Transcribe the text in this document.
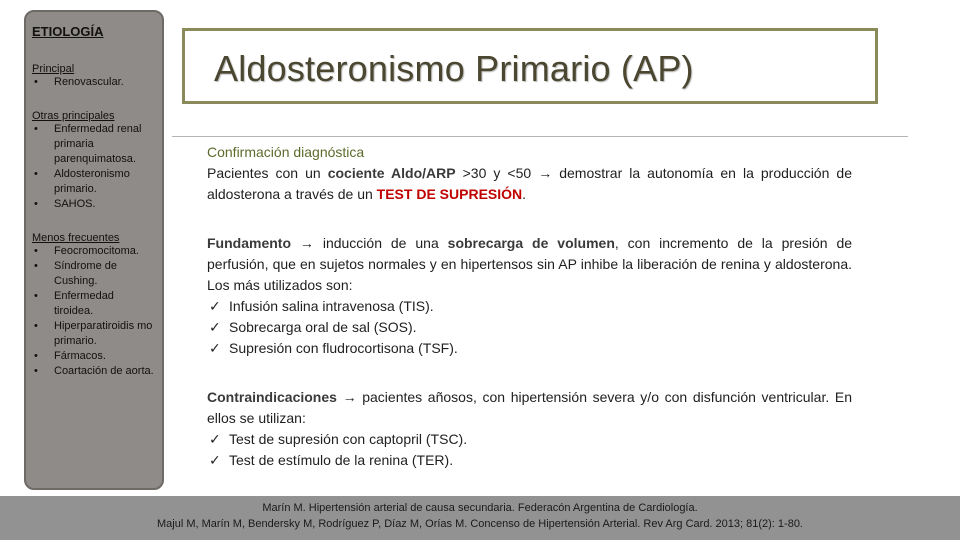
ETIOLOGÍA
Principal
• Renovascular.
Otras principales
• Enfermedad renal primaria parenquimatosa.
• Aldosteronismo primario.
• SAHOS.
Menos frecuentes
• Feocromocitoma.
• Síndrome de Cushing.
• Enfermedad tiroidea.
• Hiperparatiroidis mo primario.
• Fármacos.
• Coartación de aorta.
Aldosteronismo Primario (AP)
Confirmación diagnóstica
Pacientes con un cociente Aldo/ARP >30 y <50 → demostrar la autonomía en la producción de aldosterona a través de un TEST DE SUPRESIÓN.
Fundamento → inducción de una sobrecarga de volumen, con incremento de la presión de perfusión, que en sujetos normales y en hipertensos sin AP inhibe la liberación de renina y aldosterona. Los más utilizados son:
✓ Infusión salina intravenosa (TIS).
✓ Sobrecarga oral de sal (SOS).
✓ Supresión con fludrocortisona (TSF).
Contraindicaciones → pacientes añosos, con hipertensión severa y/o con disfunción ventricular. En ellos se utilizan:
✓ Test de supresión con captopril (TSC).
✓ Test de estímulo de la renina (TER).
Marín M. Hipertensión arterial de causa secundaria. Federacón Argentina de Cardiología.
Majul M, Marín M, Bendersky M, Rodríguez P, Díaz M, Orías M. Concenso de Hipertensión Arterial. Rev Arg Card. 2013; 81(2): 1-80.
